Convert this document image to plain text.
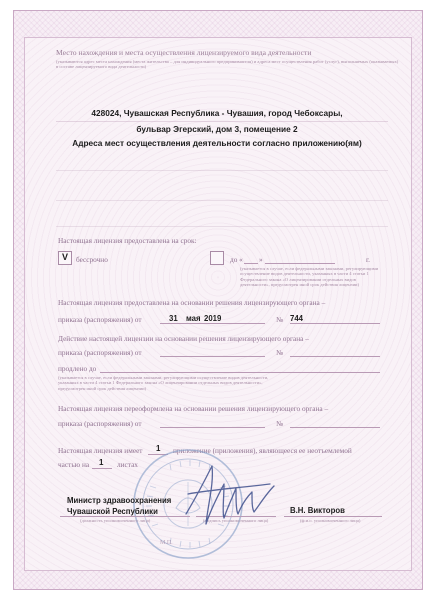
Место нахождения и места осуществления лицензируемого вида деятельности
(указываются адрес места нахождения (места жительства – для индивидуального предпринимателя) и адреса мест осуществления работ (услуг), выполняемых (оказываемых) в составе лицензируемого вида деятельности)
428024, Чувашская Республика - Чувашия, город Чебоксары,
бульвар Эгерский, дом 3, помещение 2
Адреса мест осуществления деятельности согласно приложению(ям)
Настоящая лицензия предоставлена на срок:
V бессрочно	до « »	г.
(указывается в случае, если федеральными законами, регулирующими осуществление видов деятельности, указанных в части 4 статьи 1 Федерального закона «О лицензировании отдельных видов деятельности», предусмотрен иной срок действия лицензии)
Настоящая лицензия предоставлена на основании решения лицензирующего органа –
приказа (распоряжения) от	31 мая 2019	№ 744
Действие настоящей лицензии на основании решения лицензирующего органа –
приказа (распоряжения) от	№
продлено до
(указывается в случае, если федеральными законами, регулирующими осуществление видов деятельности, указанных в части 4 статьи 1 Федерального закона «О лицензировании отдельных видов деятельности», предусмотрен иной срок действия лицензии)
Настоящая лицензия переоформлена на основании решения лицензирующего органа –
приказа (распоряжения) от	№
Настоящая лицензия имеет 1 приложение (приложения), являющееся ее неотъемлемой
частью на 1 листах
Министр здравоохранения
Чувашской Республики
(должность уполномоченного лица)	(подпись уполномоченного лица)
В.Н. Викторов
(ф.и.о. уполномоченного лица)
М.П.
